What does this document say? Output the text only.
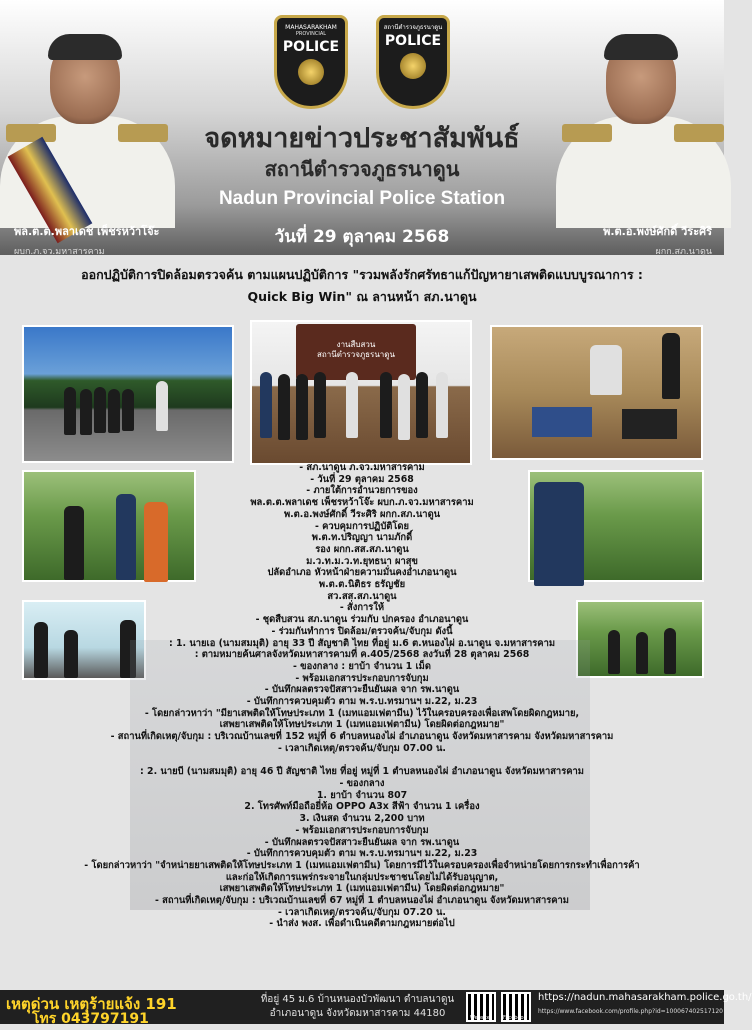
MAHASARAKHAM
PROVINCIAL
POLICE
สถานีตำรวจภูธรนาดูน
POLICE
จดหมายข่าวประชาสัมพันธ์
สถานีตำรวจภูธรนาดูน
Nadun Provincial Police Station
พล.ต.ต.พลาเดช เพ็ชรหว้าโจ๊ะ
ผบก.ภ.จว.มหาสารคาม
พ.ต.อ.พงษ์ศักดิ์ วีระศิริ
ผกก.สภ.นาดูน
วันที่ 29 ตุลาคม 2568
ออกปฏิบัติการปิดล้อมตรวจค้น ตามแผนปฏิบัติการ "รวมพลังรักศรัทธาแก้ปัญหายาเสพติดแบบบูรณาการ :
Quick Big Win" ณ ลานหน้า สภ.นาดูน
งานสืบสวน
สถานีตำรวจภูธรนาดูน
- สภ.นาดูน ภ.จว.มหาสารคาม
- วันที่ 29 ตุลาคม 2568
- ภายใต้การอำนวยการของ
พล.ต.ต.พลาเดช เพ็ชรหว้าโจ๊ะ ผบก.ภ.จว.มหาสารคาม
พ.ต.อ.พงษ์ศักดิ์ วีระศิริ ผกก.สภ.นาดูน
- ควบคุมการปฏิบัติโดย
พ.ต.ท.ปริญญา นามภักดิ์
รอง ผกก.สส.สภ.นาดูน
ม.ว.ท.ม.ว.ท.ยุทธนา ผาสุข
ปลัดอำเภอ หัวหน้าฝ่ายความมั่นคงอำเภอนาดูน
พ.ต.ต.นิติธร ธรัญชัย
สว.สส.สภ.นาดูน
- สั่งการให้
- ชุดสืบสวน สภ.นาดูน ร่วมกับ ปกครอง อำเภอนาดูน
- ร่วมกันทำการ ปิดล้อม/ตรวจค้น/จับกุม ดังนี้
: 1. นายเอ (นามสมมุติ) อายุ 33 ปี สัญชาติ ไทย ที่อยู่ ม.6 ต.หนองไผ่ อ.นาดูน จ.มหาสารคาม
: ตามหมายค้นศาลจังหวัดมหาสารคามที่ ค.405/2568 ลงวันที่ 28 ตุลาคม 2568
- ของกลาง : ยาบ้า จำนวน 1 เม็ด
- พร้อมเอกสารประกอบการจับกุม
- บันทึกผลตรวจปัสสาวะยืนยันผล จาก รพ.นาดูน
- บันทึกการควบคุมตัว ตาม พ.ร.บ.ทรมานฯ ม.22, ม.23
- โดยกล่าวหาว่า "มียาเสพติดให้โทษประเภท 1 (เมทแอมเฟตามีน) ไว้ในครอบครองเพื่อเสพโดยผิดกฎหมาย,
เสพยาเสพติดให้โทษประเภท 1 (เมทแอมเฟตามีน) โดยผิดต่อกฎหมาย"
- สถานที่เกิดเหตุ/จับกุม : บริเวณบ้านเลขที่ 152 หมู่ที่ 6 ตำบลหนองไผ่ อำเภอนาดูน จังหวัดมหาสารคาม จังหวัดมหาสารคาม
- เวลาเกิดเหตุ/ตรวจค้น/จับกุม 07.00 น.

: 2. นายบี (นามสมมุติ) อายุ 46 ปี สัญชาติ ไทย ที่อยู่ หมู่ที่ 1 ตำบลหนองไผ่ อำเภอนาดูน จังหวัดมหาสารคาม
- ของกลาง
1. ยาบ้า จำนวน 807
2. โทรศัพท์มือถือยี่ห้อ OPPO A3x สีฟ้า จำนวน 1 เครื่อง
3. เงินสด จำนวน 2,200 บาท
- พร้อมเอกสารประกอบการจับกุม
- บันทึกผลตรวจปัสสาวะยืนยันผล จาก รพ.นาดูน
- บันทึกการควบคุมตัว ตาม พ.ร.บ.ทรมานฯ ม.22, ม.23
- โดยกล่าวหาว่า "จำหน่ายยาเสพติดให้โทษประเภท 1 (เมทแอมเฟตามีน) โดยการมีไว้ในครอบครองเพื่อจำหน่ายโดยการกระทำเพื่อการค้า
และก่อให้เกิดการแพร่กระจายในกลุ่มประชาชนโดยไม่ได้รับอนุญาต,
เสพยาเสพติดให้โทษประเภท 1 (เมทแอมเฟตามีน) โดยผิดต่อกฎหมาย"
- สถานที่เกิดเหตุ/จับกุม : บริเวณบ้านเลขที่ 67 หมู่ที่ 1 ตำบลหนองไผ่ อำเภอนาดูน จังหวัดมหาสารคาม
- เวลาเกิดเหตุ/ตรวจค้น/จับกุม 07.20 น.
- นำส่ง พงส. เพื่อดำเนินคดีตามกฎหมายต่อไป
เหตุด่วน เหตุร้ายแจ้ง 191
โทร 043797191
ที่อยู่ 45 ม.6 บ้านหนองบัวพัฒนา ตำบลนาดูน
อำเภอนาดูน จังหวัดมหาสารคาม 44180	Website	Facebook
https://nadun.mahasarakham.police.go.th/
https://www.facebook.com/profile.php?id=100067402517120
